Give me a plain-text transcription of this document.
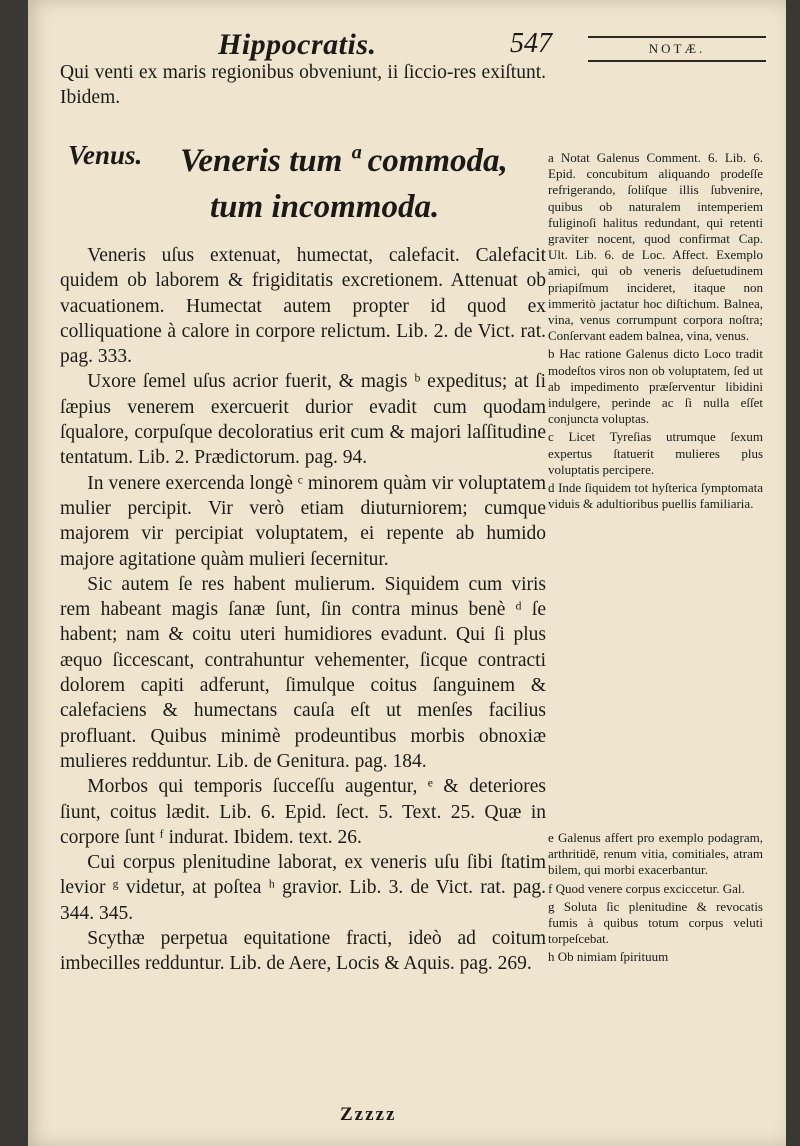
Hippocratis.	547	NOTÆ.

Qui venti ex maris regionibus obveniunt, ii ſiccio-res exiſtunt. Ibidem.

Venus. Veneris tum ª commoda,
tum incommoda.

Veneris uſus extenuat, humectat, calefacit. Calefacit quidem ob laborem & frigiditatis excretionem. Attenuat ob vacuationem. Humectat autem propter id quod ex colliquatione à calore in corpore relictum. Lib. 2. de Vict. rat. pag. 333.

Uxore ſemel uſus acrior fuerit, & magis ᵇ expeditus; at ſi ſæpius venerem exercuerit durior evadit cum quodam ſqualore, corpuſque decoloratius erit cum & majori laſſitudine tentatum. Lib. 2. Prædictorum. pag. 94.

In venere exercenda longè ᶜ minorem quàm vir voluptatem mulier percipit. Vir verò etiam diuturniorem; cumque majorem vir percipiat voluptatem, ei repente ab humido majore agitatione quàm mulieri ſecernitur.

Sic autem ſe res habent mulierum. Siquidem cum viris rem habeant magis ſanæ ſunt, ſin contra minus benè ᵈ ſe habent; nam & coitu uteri humidiores evadunt. Qui ſi plus æquo ſiccescant, contrahuntur vehementer, ſicque contracti dolorem capiti adferunt, ſimulque coitus ſanguinem & calefaciens & humectans cauſa eſt ut menſes facilius profluant. Quibus minimè prodeuntibus morbis obnoxiæ mulieres redduntur. Lib. de Genitura. pag. 184.

Morbos qui temporis ſucceſſu augentur, ᵉ & deteriores ſiunt, coitus lædit. Lib. 6. Epid. ſect. 5. Text. 25. Quæ in corpore ſunt ᶠ indurat. Ibidem. text. 26.

Cui corpus plenitudine laborat, ex veneris uſu ſibi ſtatim levior ᵍ videtur, at poſtea ʰ gravior. Lib. 3. de Vict. rat. pag. 344. 345.

Scythæ perpetua equitatione fracti, ideò ad coitum imbecilles redduntur. Lib. de Aere, Locis & Aquis. pag. 269.

a Notat Galenus Comment. 6. Lib. 6. Epid. concubitum aliquando prodeſſe refrigerando, ſoliſque illis ſubvenire, quibus ob naturalem intemperiem fuliginoſi halitus redundant, qui retenti graviter nocent, quod confirmat Cap. Ult. Lib. 6. de Loc. Affect. Exemplo amici, qui ob veneris deſuetudinem priapiſmum incideret, itaque non immeritò jactatur hoc diſtichum. Balnea, vina, venus corrumpunt corpora noſtra; Conſervant eadem balnea, vina, venus.

b Hac ratione Galenus dicto Loco tradit modeſtos viros non ob voluptatem, ſed ut ab impedimento præſerventur libidini indulgere, perinde ac ſi nulla eſſet conjuncta voluptas.

c Licet Tyreſias utrumque ſexum expertus ſtatuerit mulieres plus voluptatis percipere.

d Inde ſiquidem tot hyſterica ſymptomata viduis & adultioribus puellis familiaria.

e Galenus affert pro exemplo podagram, arthritidē, renum vitia, comitiales, atram bilem, qui morbi exacerbantur.

f Quod venere corpus exciccetur. Gal.

g Soluta ſic plenitudine & revocatis fumis à quibus totum corpus veluti torpeſcebat.

h Ob nimiam ſpirituum

Zzzzz
